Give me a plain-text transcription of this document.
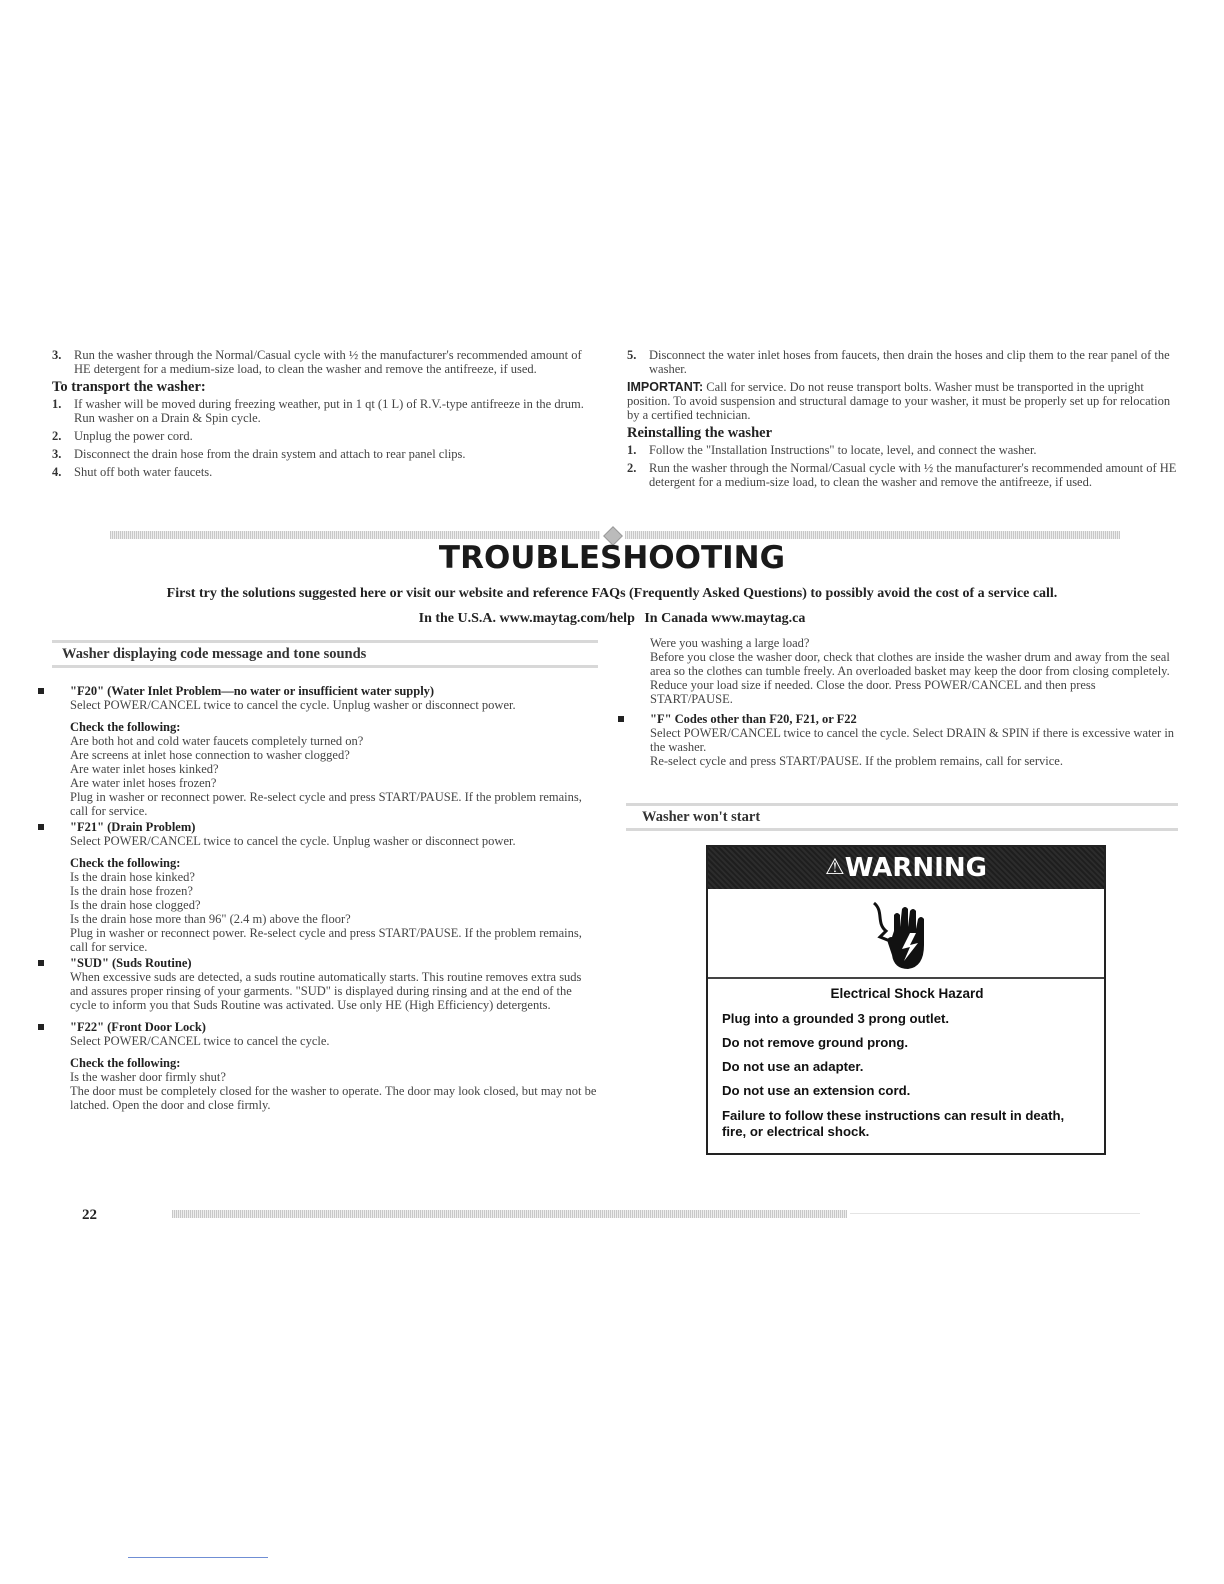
3. Run the washer through the Normal/Casual cycle with ½ the manufacturer's recommended amount of HE detergent for a medium-size load, to clean the washer and remove the antifreeze, if used.

To transport the washer:
1. If washer will be moved during freezing weather, put in 1 qt (1 L) of R.V.-type antifreeze in the drum. Run washer on a Drain & Spin cycle.

2. Unplug the power cord.

3. Disconnect the drain hose from the drain system and attach to rear panel clips.

4. Shut off both water faucets.

5. Disconnect the water inlet hoses from faucets, then drain the hoses and clip them to the rear panel of the washer.

IMPORTANT: Call for service. Do not reuse transport bolts. Washer must be transported in the upright position. To avoid suspension and structural damage to your washer, it must be properly set up for relocation by a certified technician.

Reinstalling the washer
1. Follow the "Installation Instructions" to locate, level, and connect the washer.

2. Run the washer through the Normal/Casual cycle with ½ the manufacturer's recommended amount of HE detergent for a medium-size load, to clean the washer and remove the antifreeze, if used.

TROUBLESHOOTING
First try the solutions suggested here or visit our website and reference FAQs (Frequently Asked Questions) to possibly avoid the cost of a service call.
In the U.S.A. www.maytag.com/help In Canada www.maytag.ca
Washer displaying code message and tone sounds
"F20" (Water Inlet Problem—no water or insufficient water supply)

Select POWER/CANCEL twice to cancel the cycle. Unplug washer or disconnect power.

Check the following:

Are both hot and cold water faucets completely turned on?

Are screens at inlet hose connection to washer clogged?

Are water inlet hoses kinked?

Are water inlet hoses frozen?

Plug in washer or reconnect power. Re-select cycle and press START/PAUSE. If the problem remains, call for service.

"F21" (Drain Problem)

Select POWER/CANCEL twice to cancel the cycle. Unplug washer or disconnect power.

Check the following:

Is the drain hose kinked?

Is the drain hose frozen?

Is the drain hose clogged?

Is the drain hose more than 96" (2.4 m) above the floor?

Plug in washer or reconnect power. Re-select cycle and press START/PAUSE. If the problem remains, call for service.

"SUD" (Suds Routine)

When excessive suds are detected, a suds routine automatically starts. This routine removes extra suds and assures proper rinsing of your garments. "SUD" is displayed during rinsing and at the end of the cycle to inform you that Suds Routine was activated. Use only HE (High Efficiency) detergents.

"F22" (Front Door Lock)

Select POWER/CANCEL twice to cancel the cycle.

Check the following:

Is the washer door firmly shut?

The door must be completely closed for the washer to operate. The door may look closed, but may not be latched. Open the door and close firmly.

Were you washing a large load?

Before you close the washer door, check that clothes are inside the washer drum and away from the seal area so the clothes can tumble freely. An overloaded basket may keep the door from closing completely. Reduce your load size if needed. Close the door. Press POWER/CANCEL and then press START/PAUSE.

"F" Codes other than F20, F21, or F22

Select POWER/CANCEL twice to cancel the cycle. Select DRAIN & SPIN if there is excessive water in the washer.

Re-select cycle and press START/PAUSE. If the problem remains, call for service.

Washer won't start
⚠WARNING
Electrical Shock Hazard
Plug into a grounded 3 prong outlet.
Do not remove ground prong.
Do not use an adapter.
Do not use an extension cord.
Failure to follow these instructions can result in death, fire, or electrical shock.
22
